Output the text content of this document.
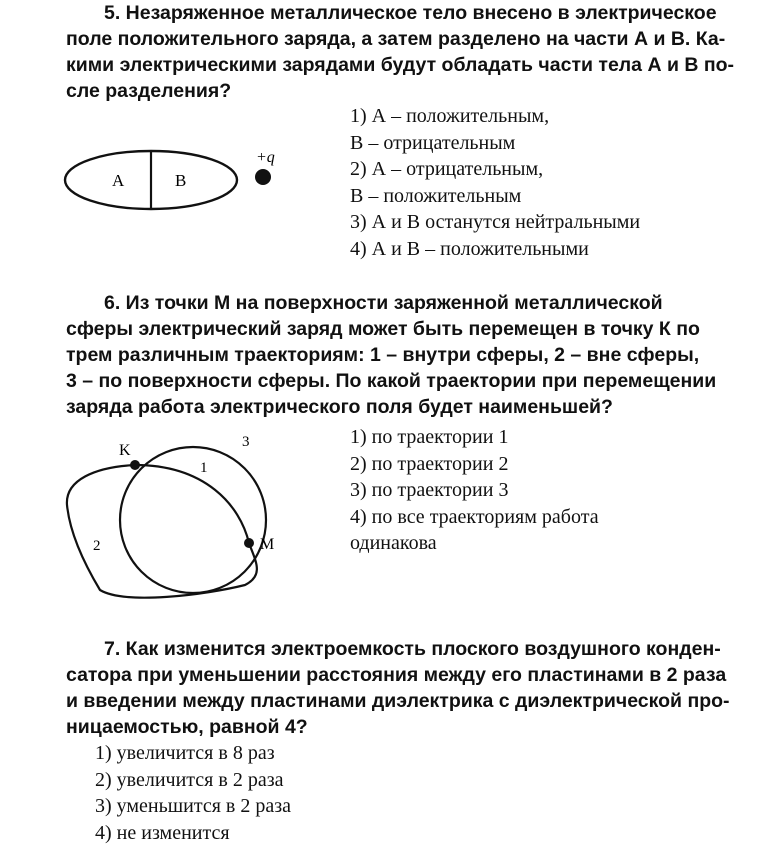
5. Незаряженное металлическое тело внесено в электрическое
поле положительного заряда, а затем разделено на части А и В. Ка-
кими электрическими зарядами будут обладать части тела А и В по-
сле разделения?
A	B
+q
1) А – положительным,
В – отрицательным
2) А – отрицательным,
В – положительным
3) А и В останутся нейтральными
4) А и В – положительными
6. Из точки М на поверхности заряженной металлической
сферы электрический заряд может быть перемещен в точку К по
трем различным траекториям: 1 – внутри сферы, 2 – вне сферы,
3 – по поверхности сферы. По какой траектории при перемещении
заряда работа электрического поля будет наименьшей?
K
M
1
2
3	1) по траектории 1
2) по траектории 2
3) по траектории 3
4) по все траекториям работа
одинакова
7. Как изменится электроемкость плоского воздушного конден-
сатора при уменьшении расстояния между его пластинами в 2 раза
и введении между пластинами диэлектрика с диэлектрической про-
ницаемостью, равной 4?
1) увеличится в 8 раз
2) увеличится в 2 раза
3) уменьшится в 2 раза
4) не изменится
